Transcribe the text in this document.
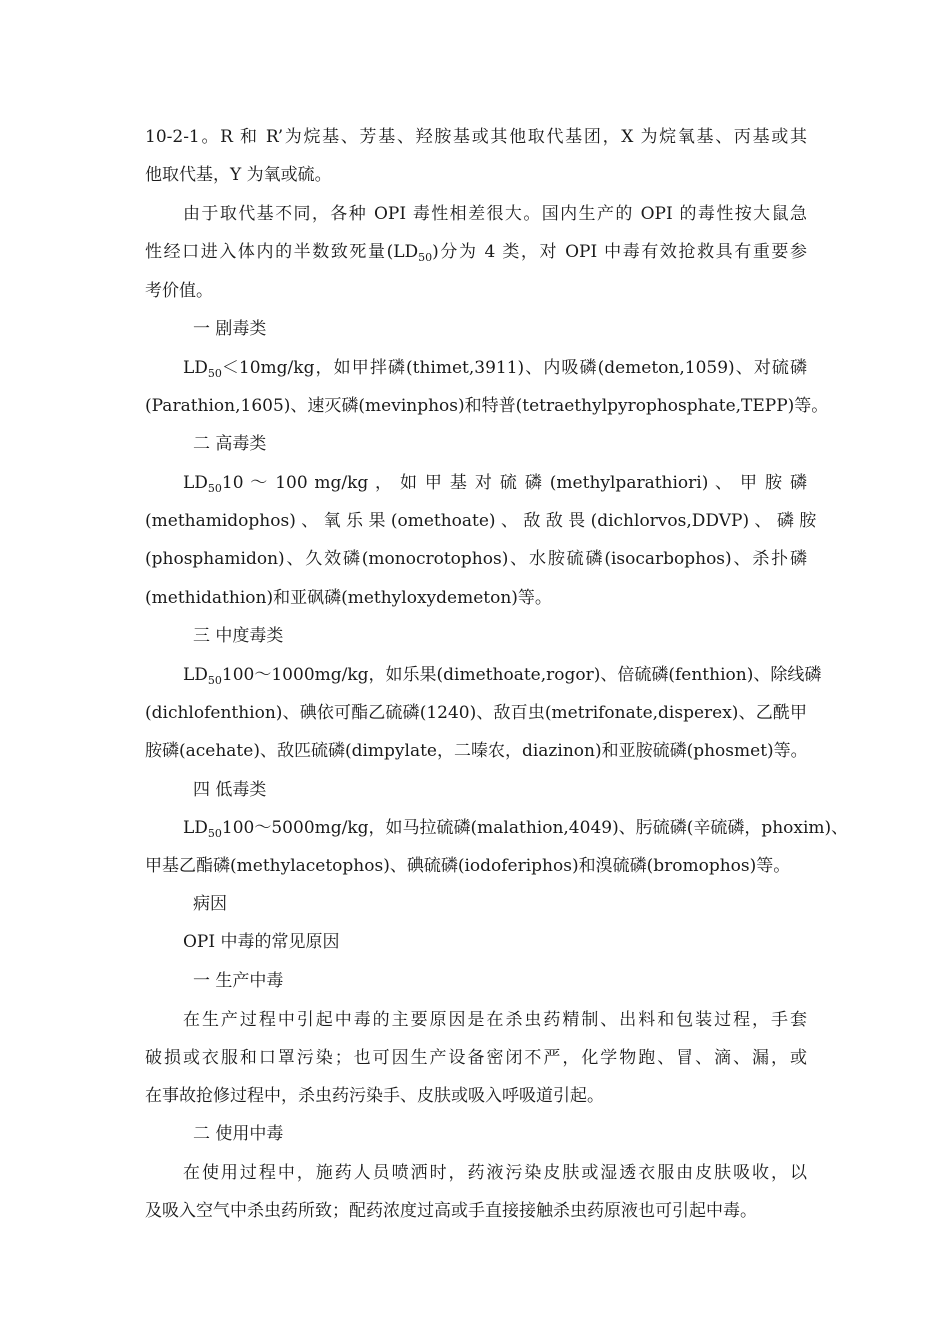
10-2-1。R 和 R’为烷基、芳基、羟胺基或其他取代基团，X 为烷氧基、丙基或其

他取代基，Y 为氧或硫。

由于取代基不同，各种 OPI 毒性相差很大。国内生产的 OPI 的毒性按大鼠急

性经口进入体内的半数致死量$(LD_{50})$分为 4 类，对 OPI 中毒有效抢救具有重要参

考价值。

一 剧毒类

$LD_{50}<10mg/kg$，如甲拌磷(thimet,3911)、内吸磷(demeton,1059)、对硫磷

(Parathion,1605)、速灭磷(mevinphos)和特普(tetraethylpyrophosphate,TEPP)等。

二 高毒类

$LD_{50}10$ ～ 100 mg/kg ， 如 甲 基 对 硫 磷 (methylparathiori) 、 甲 胺 磷

(methamidophos) 、 氧 乐 果 (omethoate) 、 敌 敌 畏 (dichlorvos,DDVP) 、 磷 胺

(phosphamidon)、久效磷(monocrotophos)、水胺硫磷(isocarbophos)、杀扑磷

(methidathion)和亚砜磷(methyloxydemeton)等。

三 中度毒类

$LD_{50}100\sim 1000mg/kg$，如乐果(dimethoate,rogor)、倍硫磷(fenthion)、除线磷

(dichlofenthion)、碘依可酯乙硫磷(1240)、敌百虫(metrifonate,disperex)、乙酰甲

胺磷(acehate)、敌匹硫磷(dimpylate，二嗪农，diazinon)和亚胺硫磷(phosmet)等。

四 低毒类

$LD_{50}100\sim 5000mg/kg$，如马拉硫磷(malathion,4049)、肟硫磷(辛硫磷，phoxim)、

甲基乙酯磷(methylacetophos)、碘硫磷(iodoferiphos)和溴硫磷(bromophos)等。

病因

OPI 中毒的常见原因

一 生产中毒

在生产过程中引起中毒的主要原因是在杀虫药精制、出料和包装过程，手套

破损或衣服和口罩污染；也可因生产设备密闭不严，化学物跑、冒、滴、漏，或

在事故抢修过程中，杀虫药污染手、皮肤或吸入呼吸道引起。

二 使用中毒

在使用过程中，施药人员喷洒时，药液污染皮肤或湿透衣服由皮肤吸收，以

及吸入空气中杀虫药所致；配药浓度过高或手直接接触杀虫药原液也可引起中毒。
